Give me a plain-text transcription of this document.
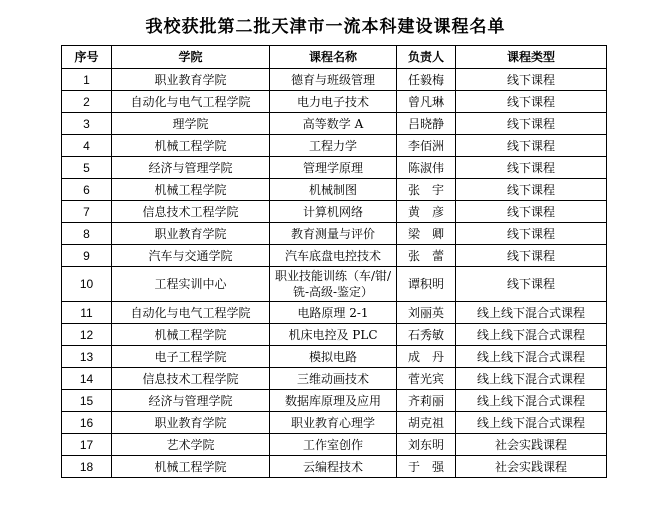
我校获批第二批天津市一流本科建设课程名单
序号	学院	课程名称	负责人	课程类型
1	职业教育学院	德育与班级管理	任毅梅	线下课程
2	自动化与电气工程学院	电力电子技术	曾凡琳	线下课程
3	理学院	高等数学 A	吕晓静	线下课程
4	机械工程学院	工程力学	李佰洲	线下课程
5	经济与管理学院	管理学原理	陈淑伟	线下课程
6	机械工程学院	机械制图	张　宇	线下课程
7	信息技术工程学院	计算机网络	黄　彦	线下课程
8	职业教育学院	教育测量与评价	梁　卿	线下课程
9	汽车与交通学院	汽车底盘电控技术	张　蕾	线下课程
10	工程实训中心	职业技能训练（车/钳/铣-高级-鉴定）	谭积明	线下课程
11	自动化与电气工程学院	电路原理 2-1	刘丽英	线上线下混合式课程
12	机械工程学院	机床电控及 PLC	石秀敏	线上线下混合式课程
13	电子工程学院	模拟电路	成　丹	线上线下混合式课程
14	信息技术工程学院	三维动画技术	菅光宾	线上线下混合式课程
15	经济与管理学院	数据库原理及应用	齐莉丽	线上线下混合式课程
16	职业教育学院	职业教育心理学	胡克祖	线上线下混合式课程
17	艺术学院	工作室创作	刘东明	社会实践课程
18	机械工程学院	云编程技术	于　强	社会实践课程
